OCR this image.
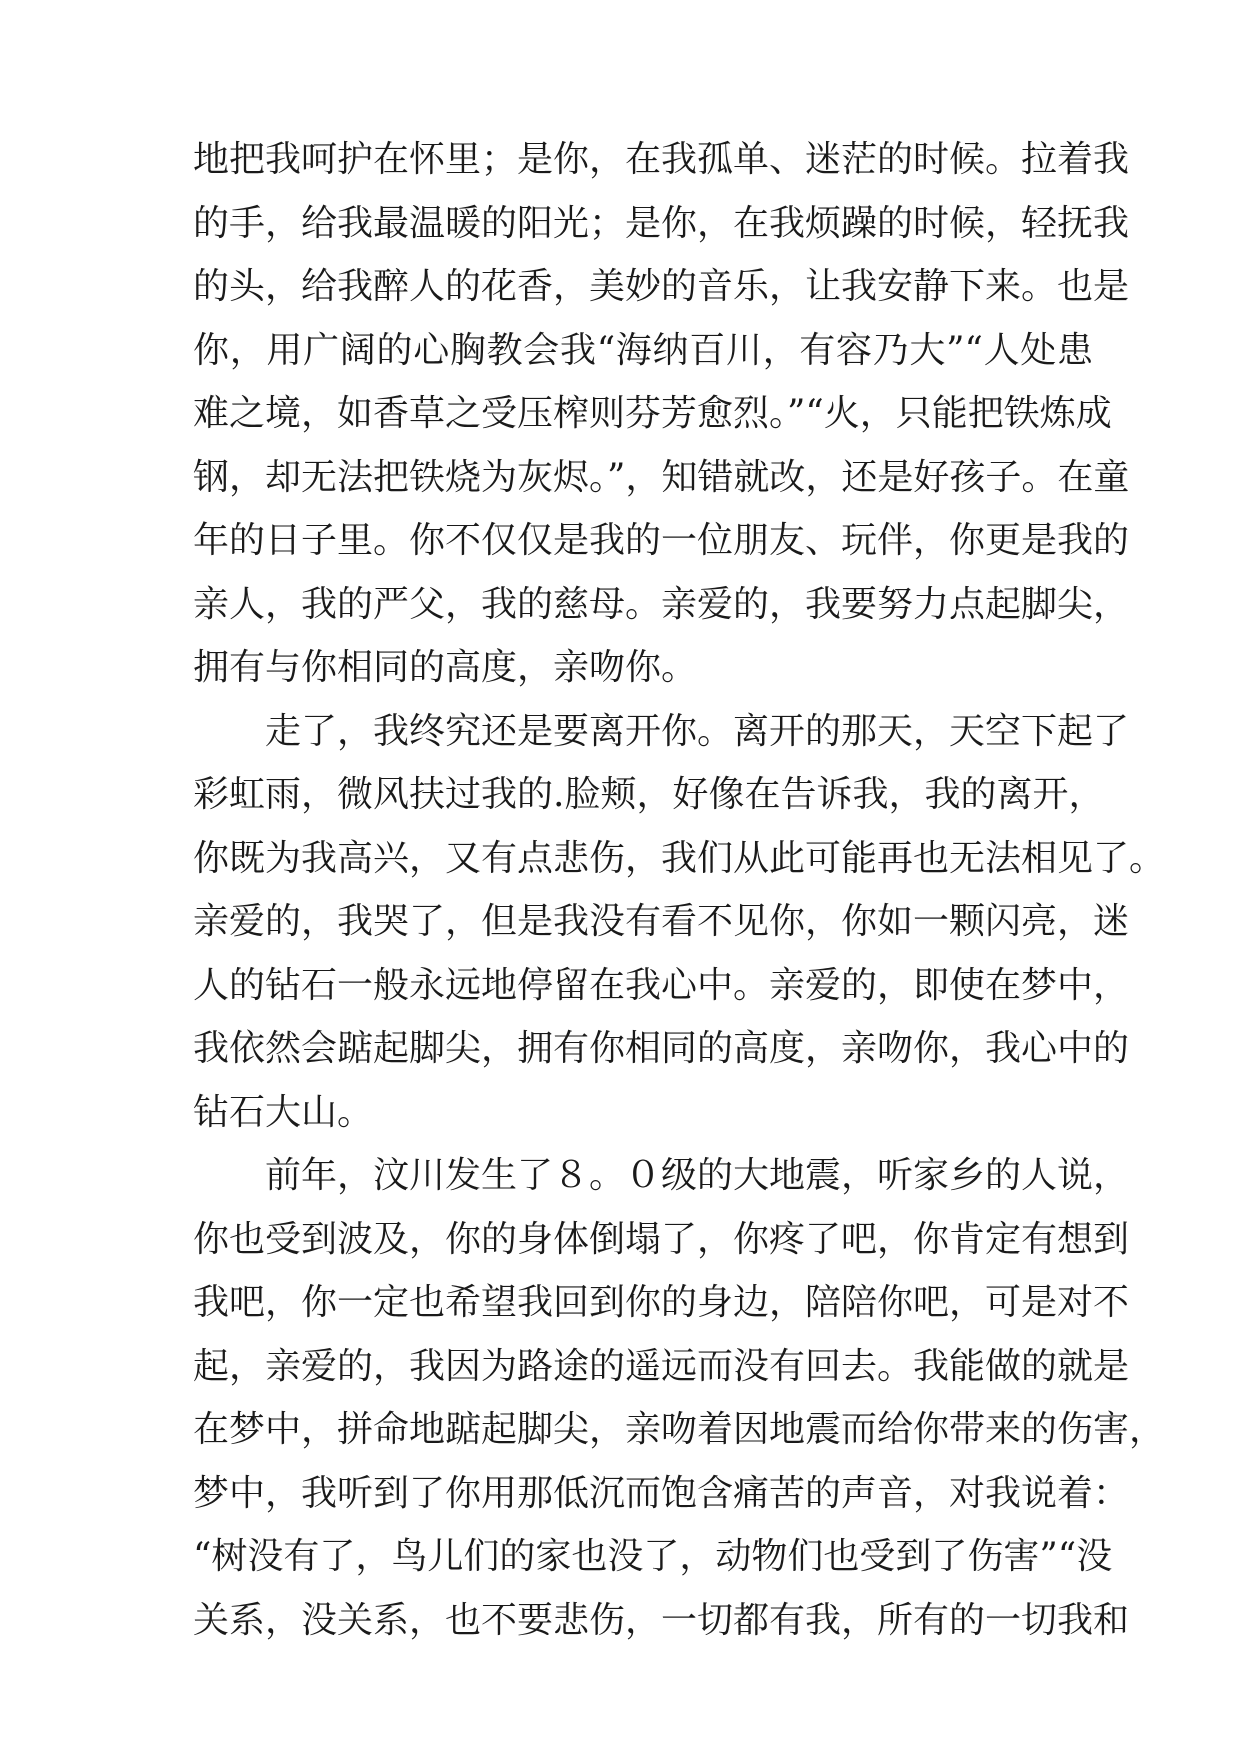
地把我呵护在怀里；是你，在我孤单、迷茫的时候。拉着我
的手，给我最温暖的阳光；是你，在我烦躁的时候，轻抚我
的头，给我醉人的花香，美妙的音乐，让我安静下来。也是
你，用广阔的心胸教会我“海纳百川，有容乃大”“人处患
难之境，如香草之受压榨则芬芳愈烈。”“火，只能把铁炼成
钢，却无法把铁烧为灰烬。”，知错就改，还是好孩子。在童
年的日子里。你不仅仅是我的一位朋友、玩伴，你更是我的
亲人，我的严父，我的慈母。亲爱的，我要努力点起脚尖，
拥有与你相同的高度，亲吻你。
走了，我终究还是要离开你。离开的那天，天空下起了
彩虹雨，微风扶过我的.脸颊，好像在告诉我，我的离开，
你既为我高兴，又有点悲伤，我们从此可能再也无法相见了。
亲爱的，我哭了，但是我没有看不见你，你如一颗闪亮，迷
人的钻石一般永远地停留在我心中。亲爱的，即使在梦中，
我依然会踮起脚尖，拥有你相同的高度，亲吻你，我心中的
钻石大山。
前年，汶川发生了８。０级的大地震，听家乡的人说，
你也受到波及，你的身体倒塌了，你疼了吧，你肯定有想到
我吧，你一定也希望我回到你的身边，陪陪你吧，可是对不
起，亲爱的，我因为路途的遥远而没有回去。我能做的就是
在梦中，拼命地踮起脚尖，亲吻着因地震而给你带来的伤害，
梦中，我听到了你用那低沉而饱含痛苦的声音，对我说着：
“树没有了，鸟儿们的家也没了，动物们也受到了伤害”“没
关系，没关系，也不要悲伤，一切都有我，所有的一切我和
